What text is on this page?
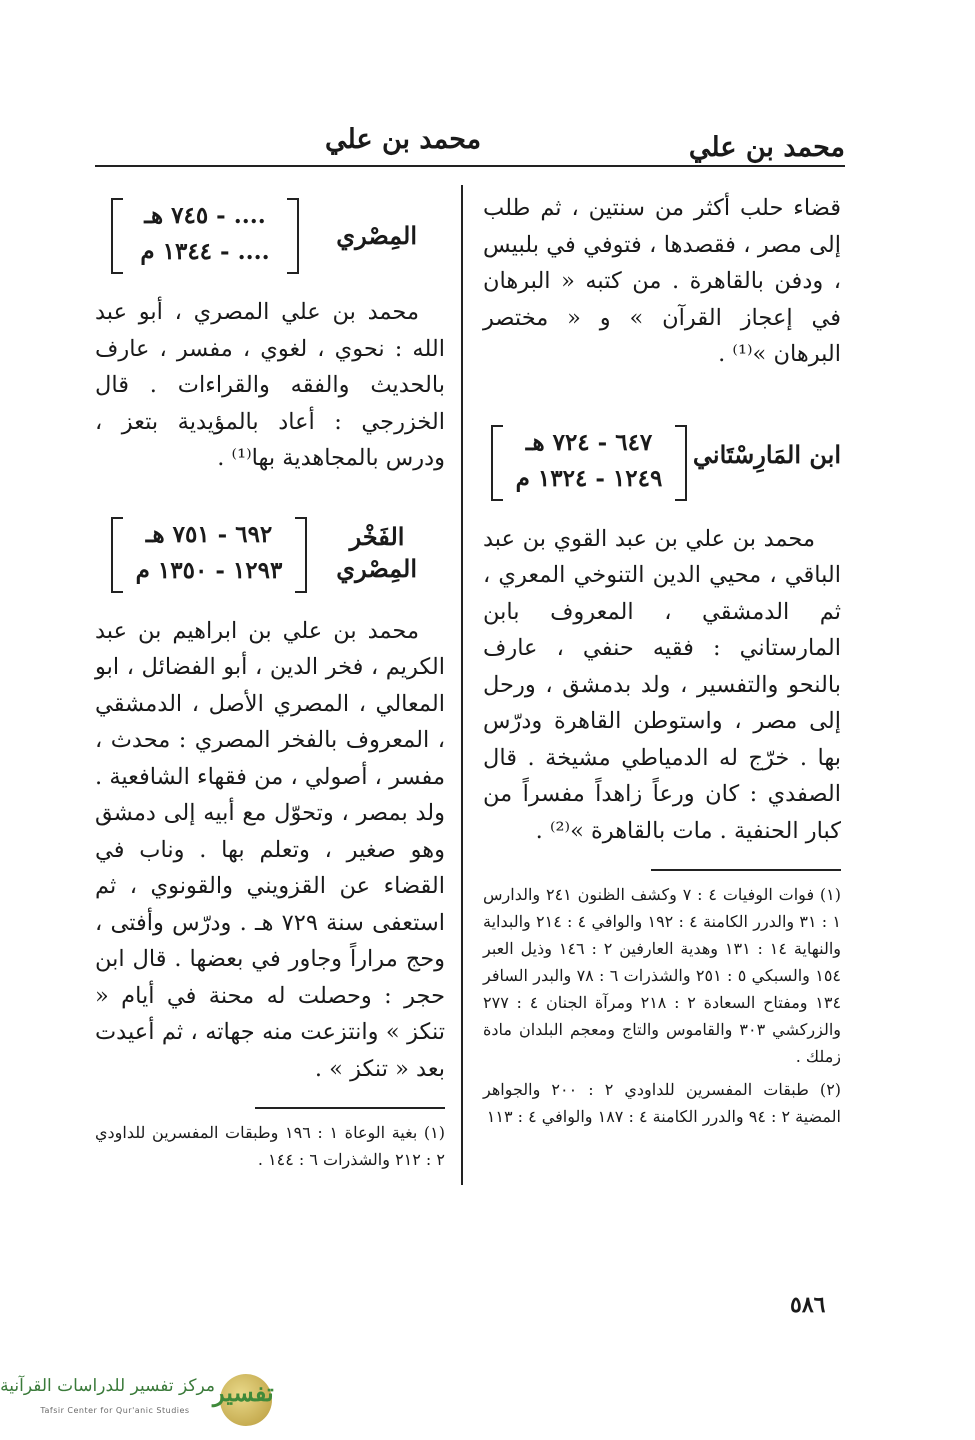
محمد بن علي
محمد بن علي

قضاء حلب أكثر من سنتين ، ثم طلب إلى مصر ، فقصدها ، فتوفي في بلبيس ، ودفن بالقاهرة . من كتبه « البرهان في إعجاز القرآن » و « مختصر البرهان »⁽¹⁾ .

ابن المَارِسْتَاني
٦٤٧ - ٧٢٤ هـ
١٢٤٩ - ١٣٢٤ م

محمد بن علي بن عبد القوي بن عبد الباقي ، محيي الدين التنوخي المعري ، ثم الدمشقي ، المعروف بابن المارستاني : فقيه حنفي ، عارف بالنحو والتفسير ، ولد بدمشق ، ورحل إلى مصر ، واستوطن القاهرة ودرّس بها . خرّج له الدمياطي مشيخة . قال الصفدي : كان ورعاً زاهداً مفسراً من كبار الحنفية . مات بالقاهرة »⁽²⁾ .

(١) فوات الوفيات ٤ : ٧ وكشف الظنون ٢٤١ والدارس ١ : ٣١ والدرر الكامنة ٤ : ١٩٢ والوافي ٤ : ٢١٤ والبداية والنهاية ١٤ : ١٣١ وهدية العارفين ٢ : ١٤٦ وذيل العبر ١٥٤ والسبكي ٥ : ٢٥١ والشذرات ٦ : ٧٨ والبدر السافر ١٣٤ ومفتاح السعادة ٢ : ٢١٨ ومرآة الجنان ٤ : ٢٧٧ والزركشي ٣٠٣ والقاموس والتاج ومعجم البلدان مادة زملك .

(٢) طبقات المفسرين للداودي ٢ : ٢٠٠ والجواهر المضية ٢ : ٩٤ والدرر الكامنة ٤ : ١٨٧ والوافي ٤ : ١١٣

المِصْري
.... - ٧٤٥ هـ
.... - ١٣٤٤ م

محمد بن علي المصري ، أبو عبد الله : نحوي ، لغوي ، مفسر ، عارف بالحديث والفقه والقراءات . قال الخزرجي : أعاد بالمؤيدية بتعز ، ودرس بالمجاهدية بها⁽¹⁾ .

الفَخْر
المِصْري
٦٩٢ - ٧٥١ هـ
١٢٩٣ - ١٣٥٠ م

محمد بن علي بن ابراهيم بن عبد الكريم ، فخر الدين ، أبو الفضائل ، ابو المعالي ، المصري الأصل ، الدمشقي ، المعروف بالفخر المصري : محدث ، مفسر ، أصولي ، من فقهاء الشافعية . ولد بمصر ، وتحوّل مع أبيه إلى دمشق وهو صغير ، وتعلم بها . وناب في القضاء عن القزويني والقونوي ، ثم استعفى سنة ٧٢٩ هـ . ودرّس وأفتى ، وحج مراراً وجاور في بعضها . قال ابن حجر : وحصلت له محنة في أيام « تنكز » وانتزعت منه جهاته ، ثم أعيدت بعد « تنكز » .

(١) بغية الوعاة ١ : ١٩٦ وطبقات المفسرين للداودي ٢ : ٢١٢ والشذرات ٦ : ١٤٤ .

٥٨٦
تفسير
مركز تفسير للدراسات القرآنية
Tafsir Center for Qur'anic Studies
